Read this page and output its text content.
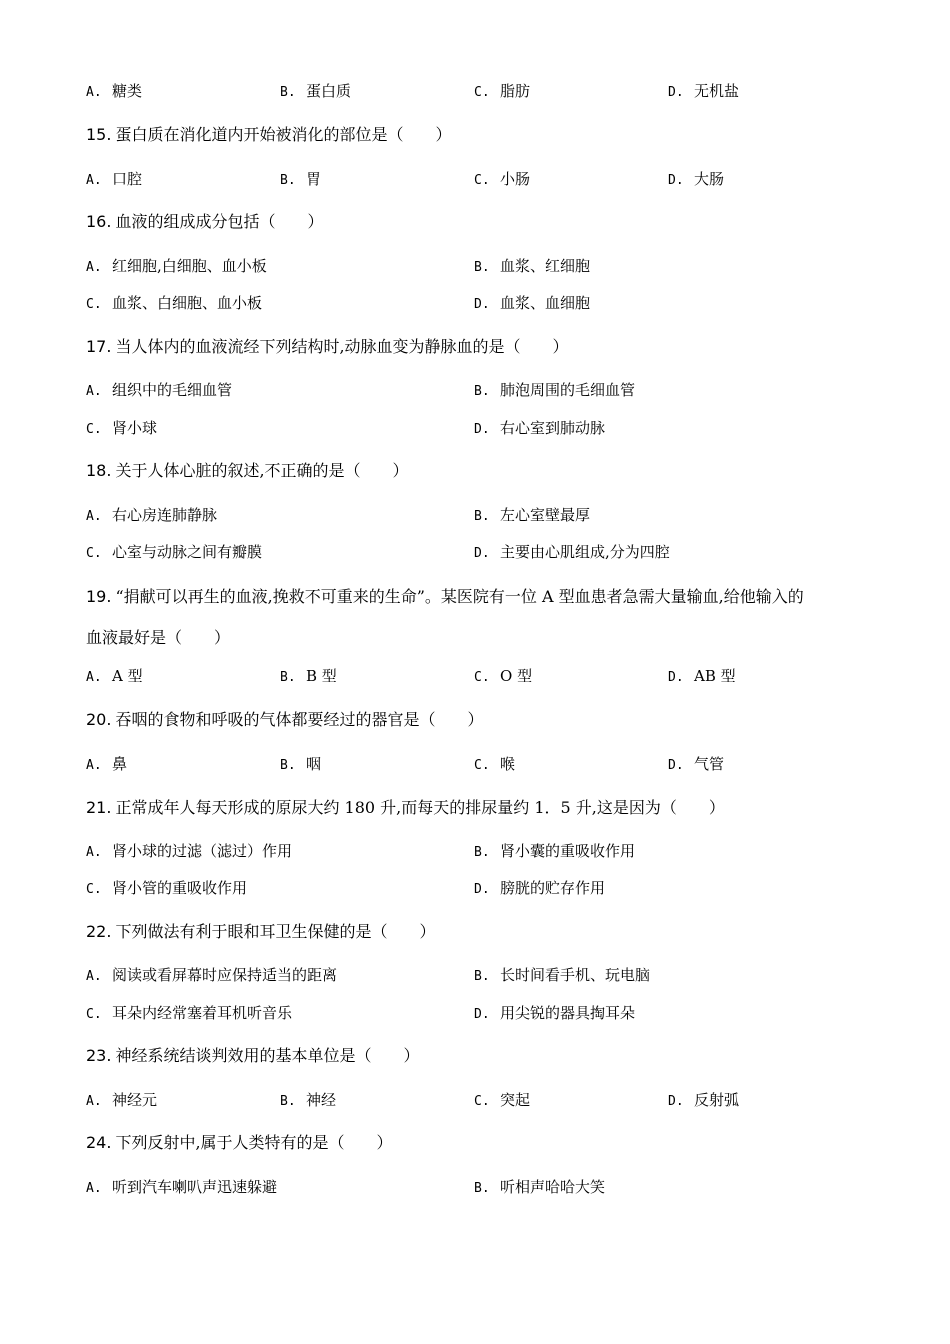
A. 糖类	B. 蛋白质	C. 脂肪	D. 无机盐
15. 蛋白质在消化道内开始被消化的部位是（　　）
A. 口腔	B. 胃	C. 小肠	D. 大肠
16. 血液的组成成分包括（　　）
A. 红细胞,白细胞、血小板	B. 血浆、红细胞
C. 血浆、白细胞、血小板	D. 血浆、血细胞
17. 当人体内的血液流经下列结构时,动脉血变为静脉血的是（　　）
A. 组织中的毛细血管	B. 肺泡周围的毛细血管
C. 肾小球	D. 右心室到肺动脉
18. 关于人体心脏的叙述,不正确的是（　　）
A. 右心房连肺静脉	B. 左心室壁最厚
C. 心室与动脉之间有瓣膜	D. 主要由心肌组成,分为四腔
19. “捐献可以再生的血液,挽救不可重来的生命”。某医院有一位 A 型血患者急需大量输血,给他输入的
血液最好是（　　）
A. A 型	B. B 型	C. O 型	D. AB 型
20. 吞咽的食物和呼吸的气体都要经过的器官是（　　）
A. 鼻	B. 咽	C. 喉	D. 气管
21. 正常成年人每天形成的原尿大约 180 升,而每天的排尿量约 1．5 升,这是因为（　　）
A. 肾小球的过滤（滤过）作用	B. 肾小囊的重吸收作用
C. 肾小管的重吸收作用	D. 膀胱的贮存作用
22. 下列做法有利于眼和耳卫生保健的是（　　）
A. 阅读或看屏幕时应保持适当的距离	B. 长时间看手机、玩电脑
C. 耳朵内经常塞着耳机听音乐	D. 用尖锐的器具掏耳朵
23. 神经系统结谈判效用的基本单位是（　　）
A. 神经元	B. 神经	C. 突起	D. 反射弧
24. 下列反射中,属于人类特有的是（　　）
A. 听到汽车喇叭声迅速躲避	B. 听相声哈哈大笑
